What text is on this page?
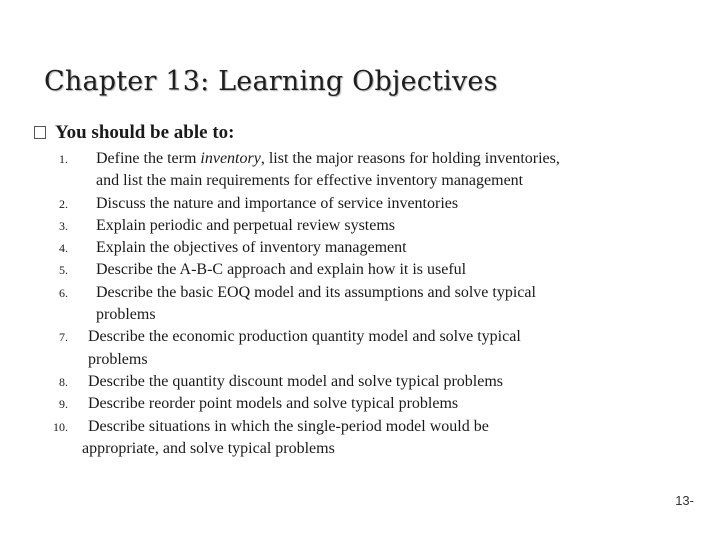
Chapter 13: Learning Objectives
You should be able to:
1. Define the term inventory, list the major reasons for holding inventories,
and list the main requirements for effective inventory management
2. Discuss the nature and importance of service inventories
3. Explain periodic and perpetual review systems
4. Explain the objectives of inventory management
5. Describe the A-B-C approach and explain how it is useful
6. Describe the basic EOQ model and its assumptions and solve typical
problems
7. Describe the economic production quantity model and solve typical
problems
8. Describe the quantity discount model and solve typical problems
9. Describe reorder point models and solve typical problems
10. Describe situations in which the single-period model would be
appropriate, and solve typical problems
13-
